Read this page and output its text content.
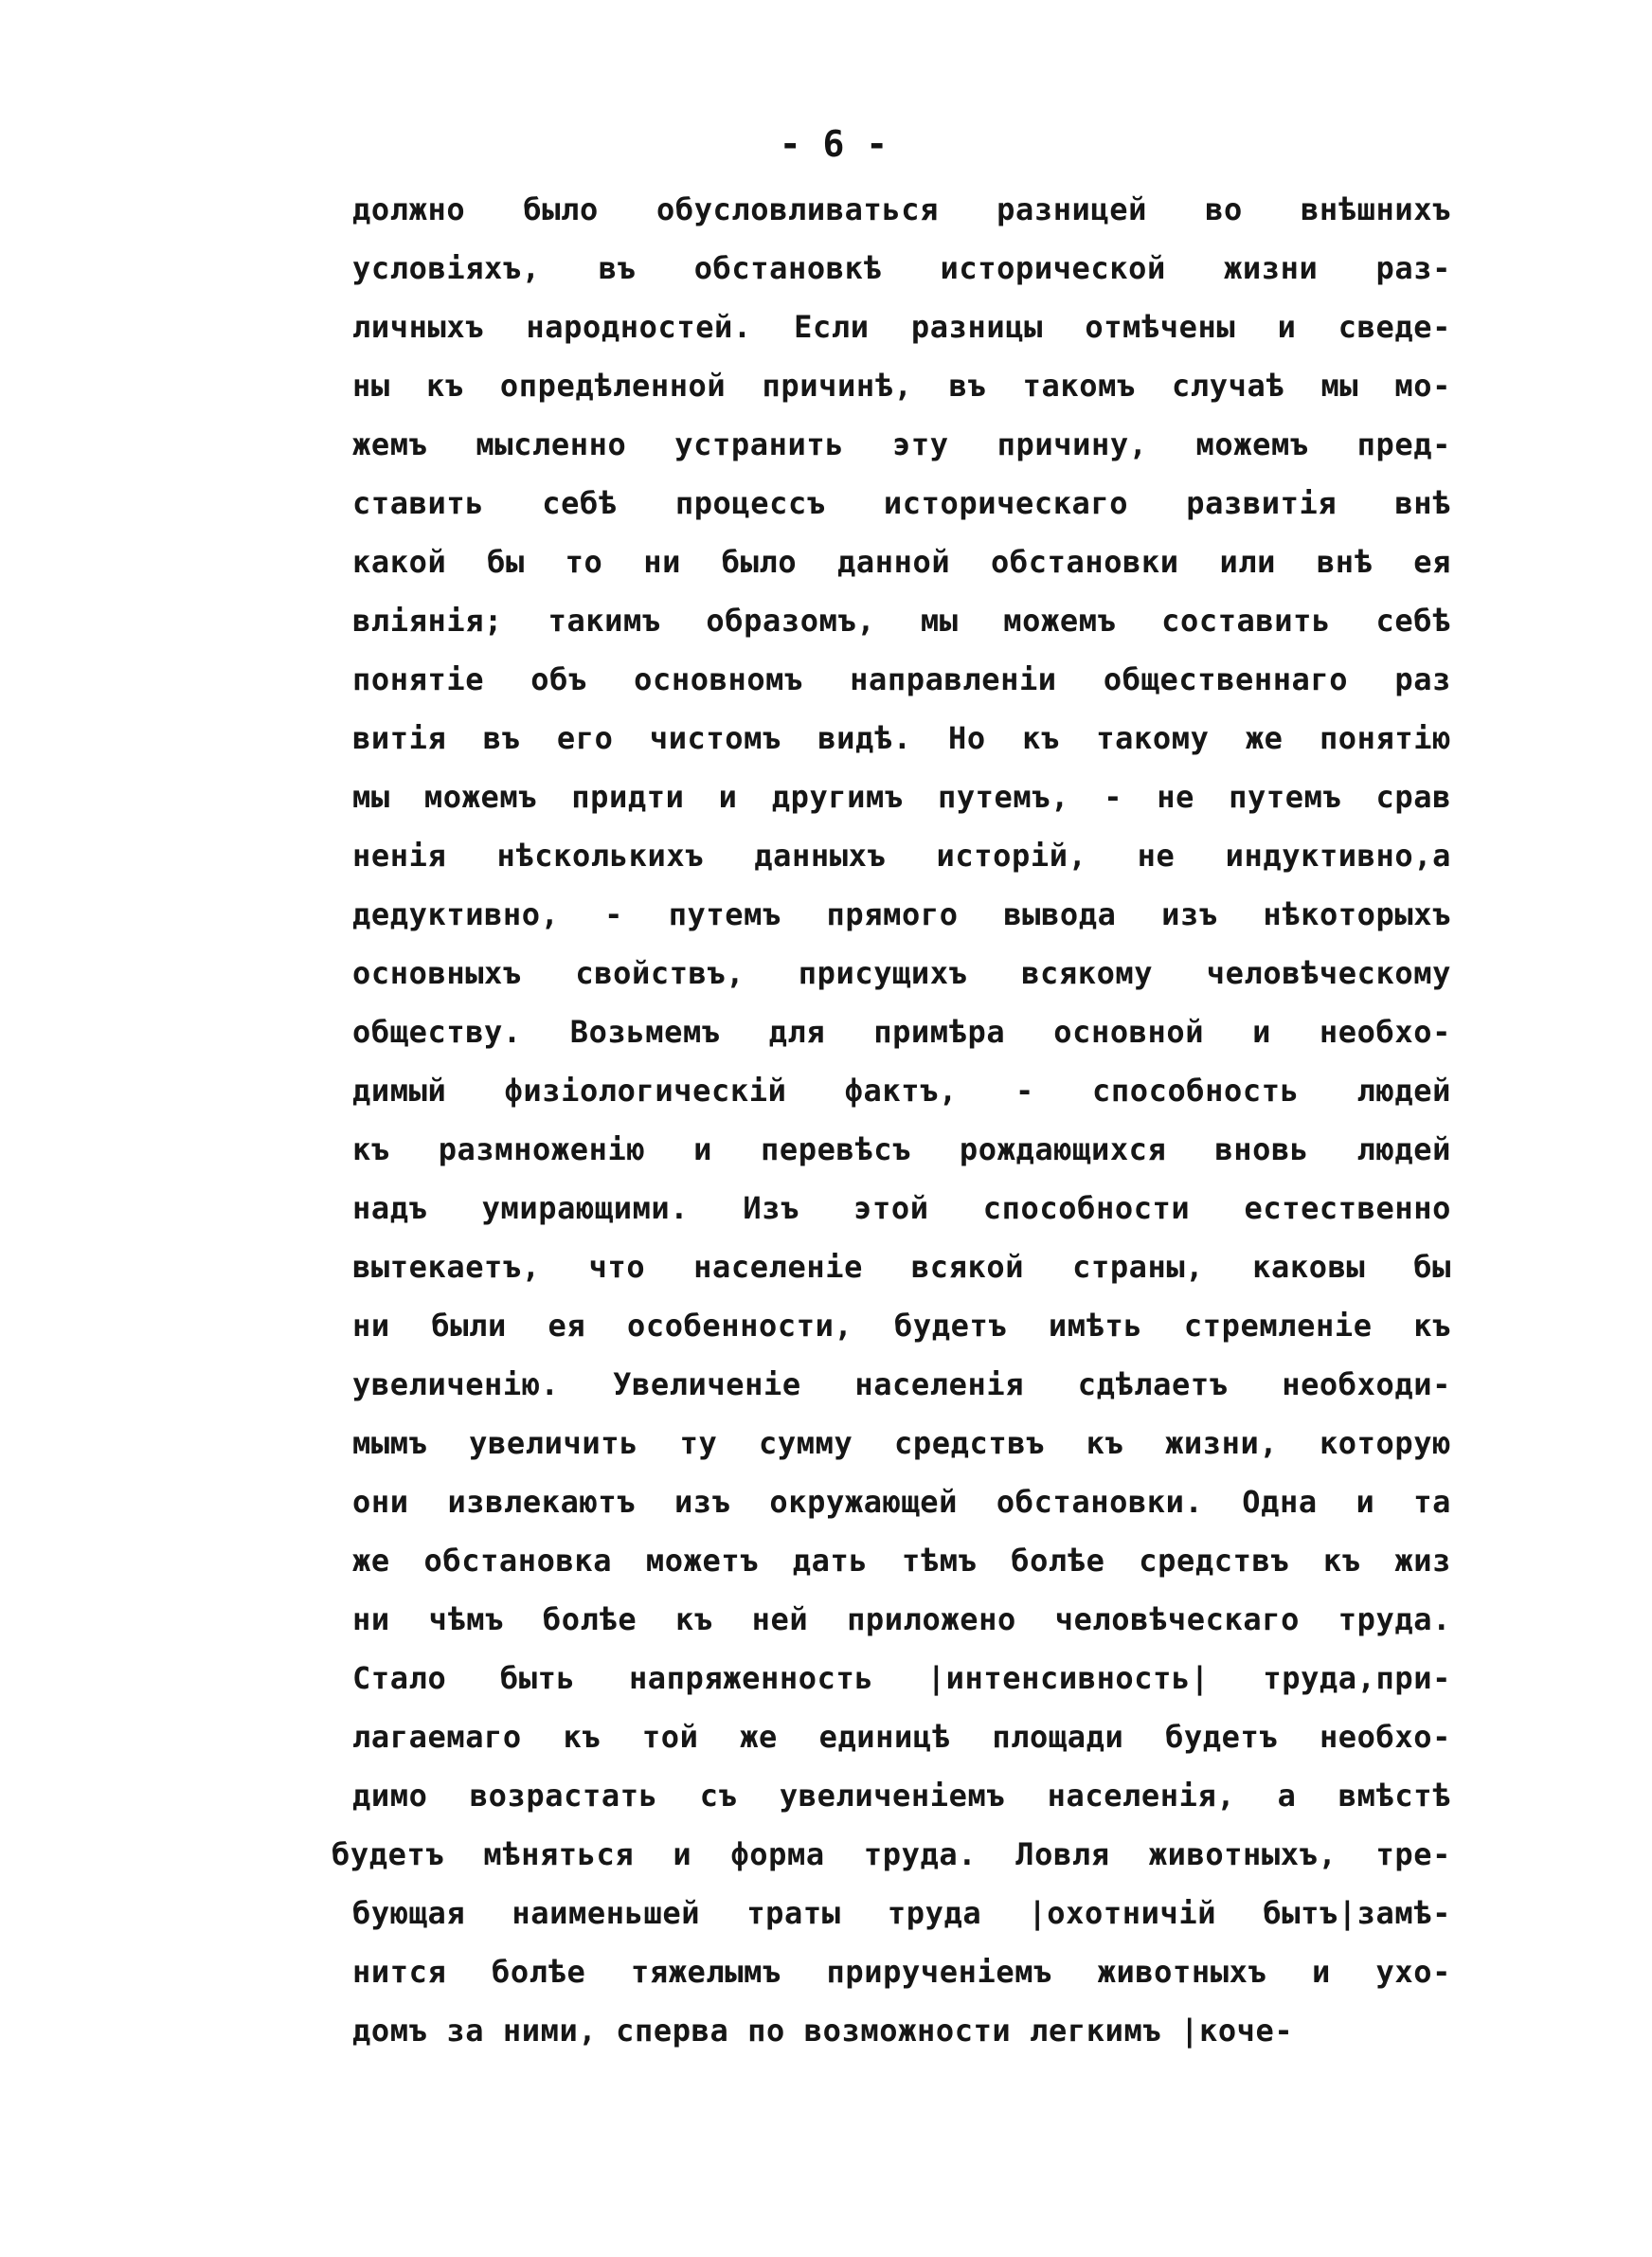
- 6 -
должно было обусловливаться разницей во внѣшнихъ
условіяхъ, въ обстановкѣ исторической жизни раз-
личныхъ народностей. Если разницы отмѣчены и сведе-
ны къ опредѣленной причинѣ, въ такомъ случаѣ мы мо-
жемъ мысленно устранить эту причину, можемъ пред-
ставить себѣ процессъ историческаго развитія внѣ
какой бы то ни было данной обстановки или внѣ ея
вліянія; такимъ образомъ, мы можемъ составить себѣ
понятіе объ основномъ направленіи общественнаго раз
витія въ его чистомъ видѣ. Но къ такому же понятію
мы можемъ придти и другимъ путемъ, - не путемъ срав
ненія нѣсколькихъ данныхъ исторій, не индуктивно,а
дедуктивно, - путемъ прямого вывода изъ нѣкоторыхъ
основныхъ свойствъ, присущихъ всякому человѣческому
обществу. Возьмемъ для примѣра основной и необхо-
димый физіологическій фактъ, - способность людей
къ размноженію и перевѣсъ рождающихся вновь людей
надъ умирающими. Изъ этой способности естественно
вытекаетъ, что населеніе всякой страны, каковы бы
ни были ея особенности, будетъ имѣть стремленіе къ
увеличенію. Увеличеніе населенія сдѣлаетъ необходи-
мымъ увеличить ту сумму средствъ къ жизни, которую
они извлекаютъ изъ окружающей обстановки. Одна и та
же обстановка можетъ дать тѣмъ болѣе средствъ къ жиз
ни чѣмъ болѣе къ ней приложено человѣческаго труда.
Стало быть напряженность |интенсивность| труда,при-
лагаемаго къ той же единицѣ площади будетъ необхо-
димо возрастать съ увеличеніемъ населенія, а вмѣстѣ
будетъ мѣняться и форма труда. Ловля животныхъ, тре-
бующая наименьшей траты труда |охотничій бытъ|замѣ-
нится болѣе тяжелымъ прирученіемъ животныхъ и ухо-
домъ за ними, сперва по возможности легкимъ |коче-
